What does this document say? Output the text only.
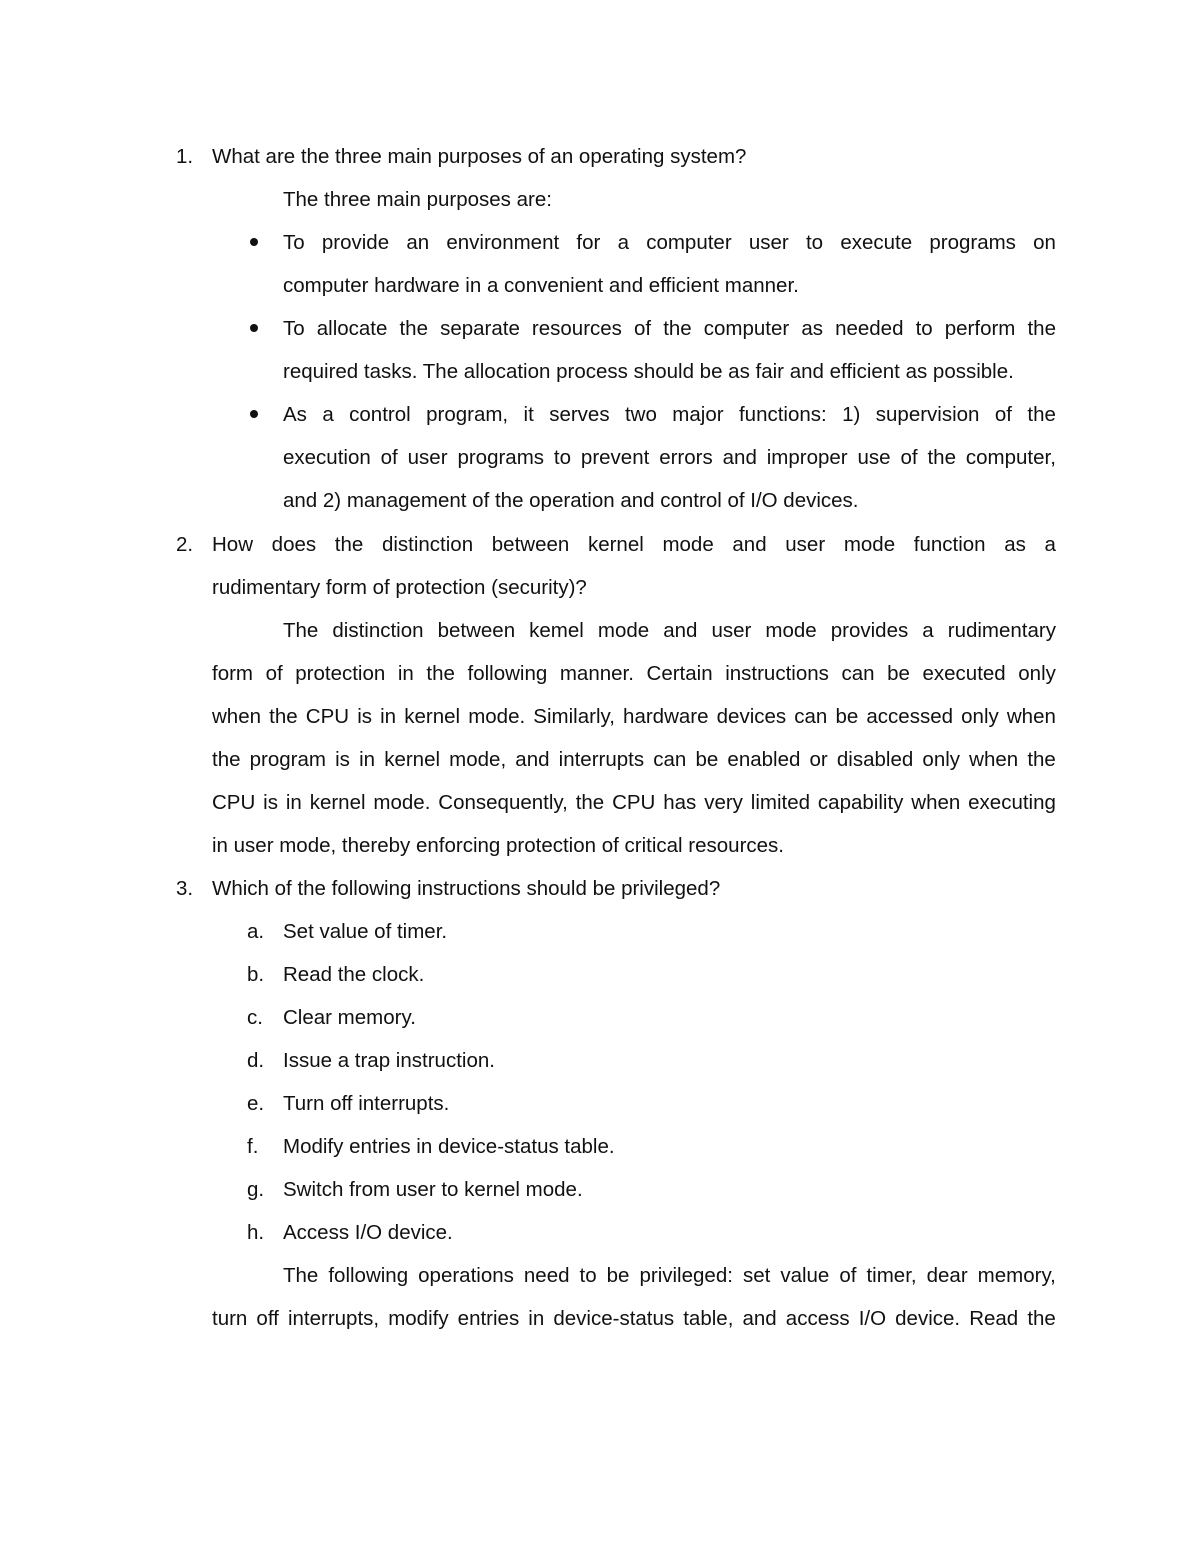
1. What are the three main purposes of an operating system?
The three main purposes are:
To provide an environment for a computer user to execute programs on
computer hardware in a convenient and efficient manner.
To allocate the separate resources of the computer as needed to perform the
required tasks. The allocation process should be as fair and efficient as possible.
As a control program, it serves two major functions: 1) supervision of the
execution of user programs to prevent errors and improper use of the computer,
and 2) management of the operation and control of I/O devices.
2. How does the distinction between kernel mode and user mode function as a
rudimentary form of protection (security)?
The distinction between kemel mode and user mode provides a rudimentary
form of protection in the following manner. Certain instructions can be executed only
when the CPU is in kernel mode. Similarly, hardware devices can be accessed only when
the program is in kernel mode, and interrupts can be enabled or disabled only when the
CPU is in kernel mode. Consequently, the CPU has very limited capability when executing
in user mode, thereby enforcing protection of critical resources.
3. Which of the following instructions should be privileged?
a. Set value of timer.
b. Read the clock.
c. Clear memory.
d. Issue a trap instruction.
e. Turn off interrupts.
f. Modify entries in device-status table.
g. Switch from user to kernel mode.
h. Access I/O device.
The following operations need to be privileged: set value of timer, dear memory,
turn off interrupts, modify entries in device-status table, and access I/O device. Read the
